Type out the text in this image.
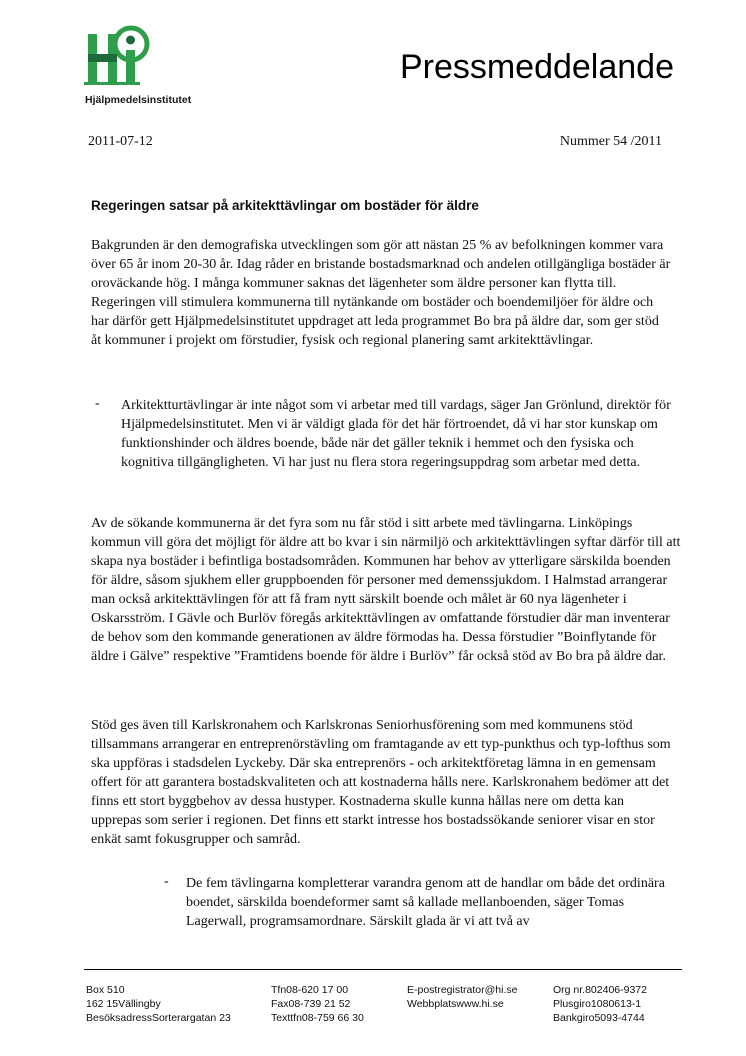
Hjälpmedelsinstitutet
Pressmeddelande
2011-07-12	Nummer 54 /2011
Regeringen satsar på arkitekttävlingar om bostäder för äldre

Bakgrunden är den demografiska utvecklingen som gör att nästan 25 % av befolkningen kommer vara över 65 år inom 20-30 år. Idag råder en bristande bostadsmarknad och andelen otillgängliga bostäder är oroväckande hög. I många kommuner saknas det lägenheter som äldre personer kan flytta till. Regeringen vill stimulera kommunerna till nytänkande om bostäder och boendemiljöer för äldre och har därför gett Hjälpmedelsinstitutet uppdraget att leda programmet Bo bra på äldre dar, som ger stöd åt kommuner i projekt om förstudier, fysisk och regional planering samt arkitekttävlingar.

- Arkitektturtävlingar är inte något som vi arbetar med till vardags, säger Jan Grönlund, direktör för Hjälpmedelsinstitutet. Men vi är väldigt glada för det här förtroendet, då vi har stor kunskap om funktionshinder och äldres boende, både när det gäller teknik i hemmet och den fysiska och kognitiva tillgängligheten. Vi har just nu flera stora regeringsuppdrag som arbetar med detta.

Av de sökande kommunerna är det fyra som nu får stöd i sitt arbete med tävlingarna. Linköpings kommun vill göra det möjligt för äldre att bo kvar i sin närmiljö och arkitekttävlingen syftar därför till att skapa nya bostäder i befintliga bostadsområden. Kommunen har behov av ytterligare särskilda boenden för äldre, såsom sjukhem eller gruppboenden för personer med demenssjukdom. I Halmstad arrangerar man också arkitekttävlingen för att få fram nytt särskilt boende och målet är 60 nya lägenheter i Oskarsström. I Gävle och Burlöv föregås arkitekttävlingen av omfattande förstudier där man inventerar de behov som den kommande generationen av äldre förmodas ha. Dessa förstudier ”Boinflytande för äldre i Gälve” respektive ”Framtidens boende för äldre i Burlöv” får också stöd av Bo bra på äldre dar.

Stöd ges även till Karlskronahem och Karlskronas Seniorhusförening som med kommunens stöd tillsammans arrangerar en entreprenörstävling om framtagande av ett typ-punkthus och typ-lofthus som ska uppföras i stadsdelen Lyckeby. Där ska entreprenörs - och arkitektföretag lämna in en gemensam offert för att garantera bostadskvaliteten och att kostnaderna hålls nere. Karlskronahem bedömer att det finns ett stort byggbehov av dessa hustyper. Kostnaderna skulle kunna hållas nere om detta kan upprepas som serier i regionen. Det finns ett starkt intresse hos bostadssökande seniorer visar en stor enkät samt fokusgrupper och samråd.

- De fem tävlingarna kompletterar varandra genom att de handlar om både det ordinära boendet, särskilda boendeformer samt så kallade mellanboenden, säger Tomas Lagerwall, programsamordnare. Särskilt glada är vi att två av

Box 510
162 15Vällingby
BesöksadressSorterargatan 23
Tfn08-620 17 00
Fax08-739 21 52
Texttfn08-759 66 30
E-postregistrator@hi.se
Webbplatswww.hi.se
Org nr.802406-9372
Plusgiro1080613-1
Bankgiro5093-4744
